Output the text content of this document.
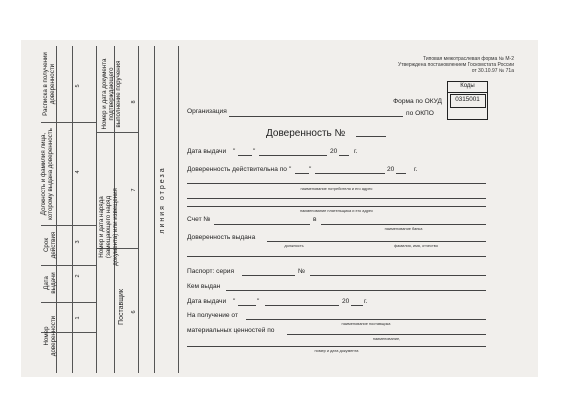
Расписка в получении доверенности	5
Должность и фамилия лица, которому выдана доверенность	4
Срок действия	3
Дата выдачи	2
Номер доверенности	1
Номер и дата документа подтверждающего выполнение поручения 8
Номер и дата наряда (замещающего наряд документа) или извещения 7
Поставщик 6
линия отреза
Типовая межотраслевая форма № М-2
Утверждена постановлением Госкомстата России
от 30.10.97 № 71а
Коды
0315001
Форма по ОКУД
Организация	по ОКПО
Доверенность №
Дата выдачи "	"	20	г.
Доверенность действительна по "	"	20	г.
наименование потребителя и его адрес
наименование плательщика и его адрес
Счет №	в
наименование банка
Доверенность выдана
должность	фамилия, имя, отчество
Паспорт: серия	№
Кем выдан
Дата выдачи "	"	20 г.
На получение от
наименование поставщика
материальных ценностей по
наименование,
номер и дата документа
